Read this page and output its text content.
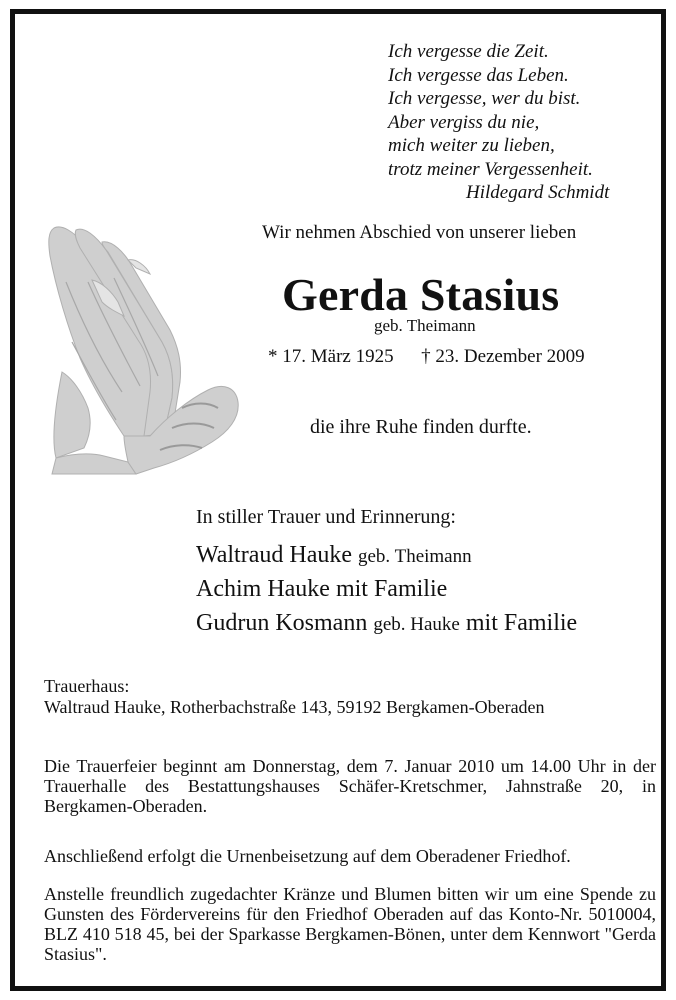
Ich vergesse die Zeit.
Ich vergesse das Leben.
Ich vergesse, wer du bist.
Aber vergiss du nie,
mich weiter zu lieben,
trotz meiner Vergessenheit.
Hildegard Schmidt
Wir nehmen Abschied von unserer lieben
Gerda Stasius
geb. Theimann
* 17. März 1925 † 23. Dezember 2009
die ihre Ruhe finden durfte.
In stiller Trauer und Erinnerung:
Waltraud Hauke geb. Theimann
Achim Hauke mit Familie
Gudrun Kosmann geb. Hauke mit Familie
Trauerhaus:
Waltraud Hauke, Rotherbachstraße 143, 59192 Bergkamen-Oberaden
Die Trauerfeier beginnt am Donnerstag, dem 7. Januar 2010 um 14.00 Uhr in der Trauerhalle des Bestattungshauses Schäfer-Kretschmer, Jahnstraße 20, in Bergkamen-Oberaden.
Anschließend erfolgt die Urnenbeisetzung auf dem Oberadener Friedhof.
Anstelle freundlich zugedachter Kränze und Blumen bitten wir um eine Spende zu Gunsten des Fördervereins für den Friedhof Oberaden auf das Konto-Nr. 5010004, BLZ 410 518 45, bei der Sparkasse Bergkamen-Bönen, unter dem Kennwort "Gerda Stasius".
